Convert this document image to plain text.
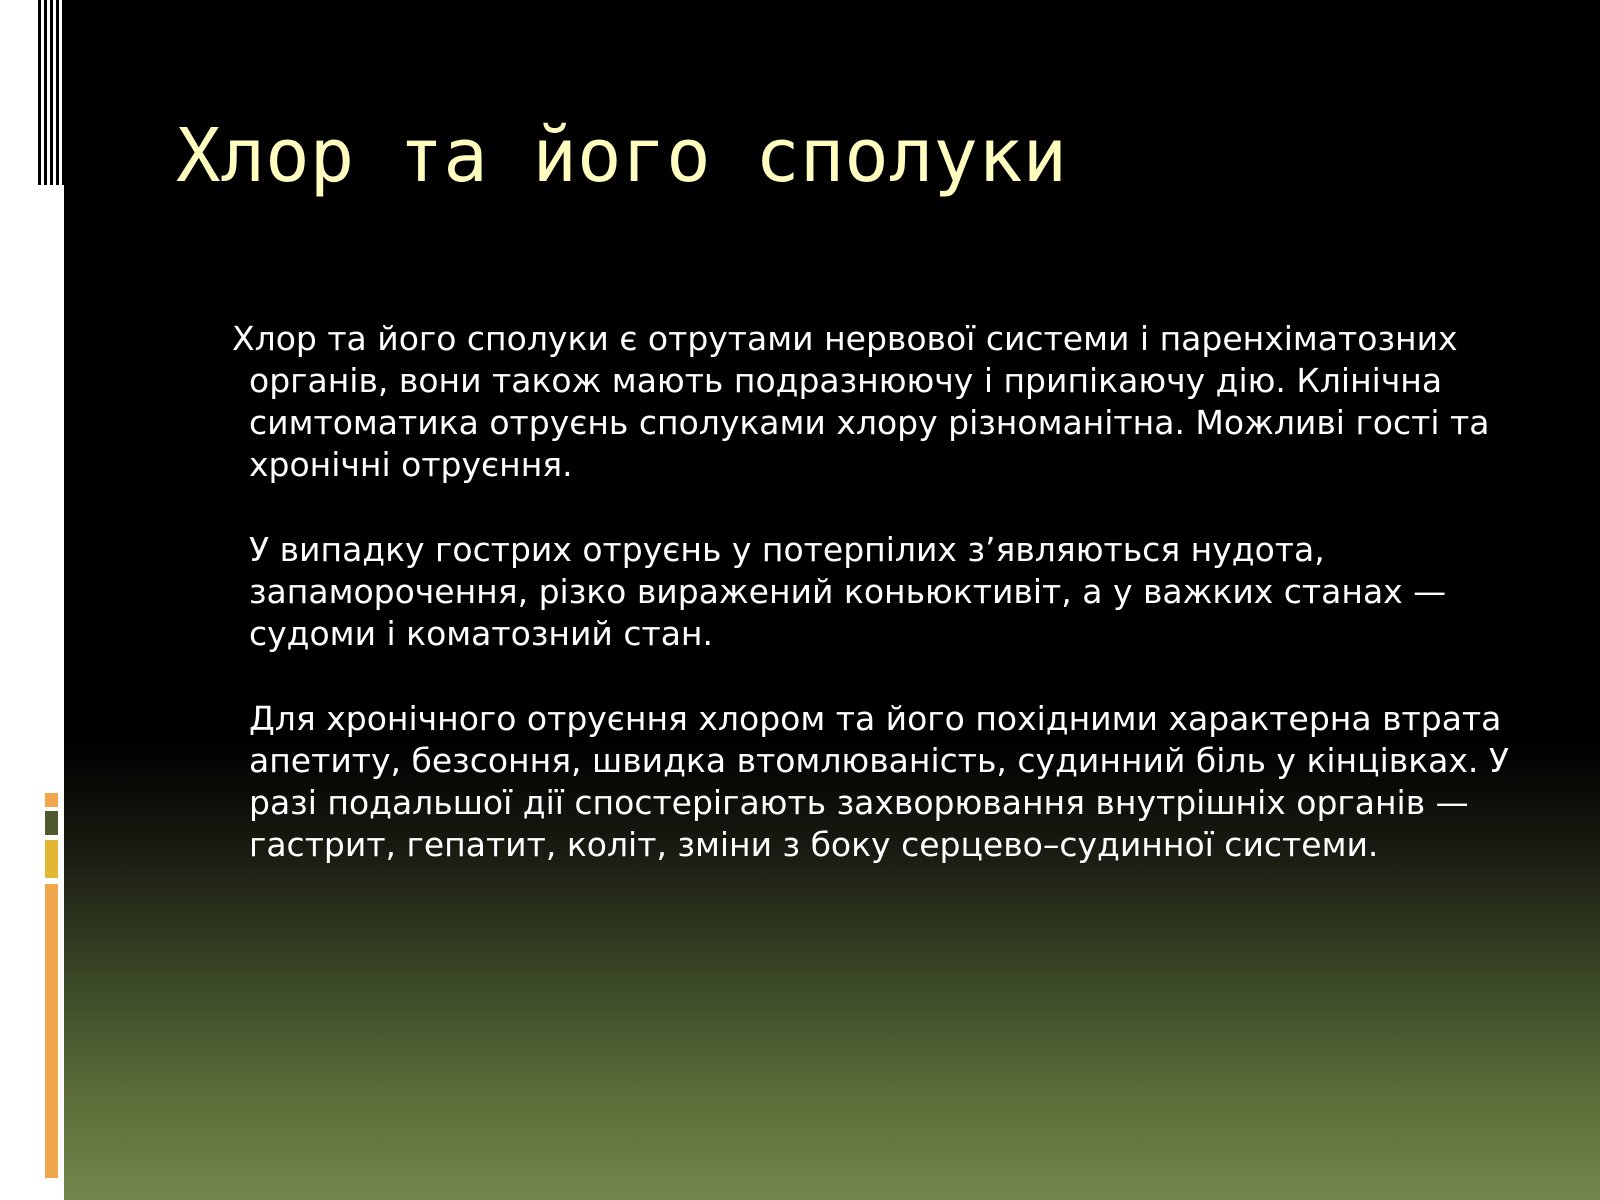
Хлор та його сполуки

Хлор та його сполуки є отрутами нервової системи і паренхіматозних органів, вони також мають подразнюючу і припікаючу дію. Клінічна симтоматика отруєнь сполуками хлору різноманітна. Можливі гості та хронічні отруєння.

У випадку гострих отруєнь у потерпілих з’являються нудота, запаморочення, різко виражений коньюктивіт, а у важких станах — судоми і коматозний стан.

Для хронічного отруєння хлором та його похідними характерна втрата апетиту, безсоння, швидка втомлюваність, судинний біль у кінцівках. У разі подальшої дії спостерігають захворювання внутрішніх органів — гастрит, гепатит, коліт, зміни з боку серцево–судинної системи.
